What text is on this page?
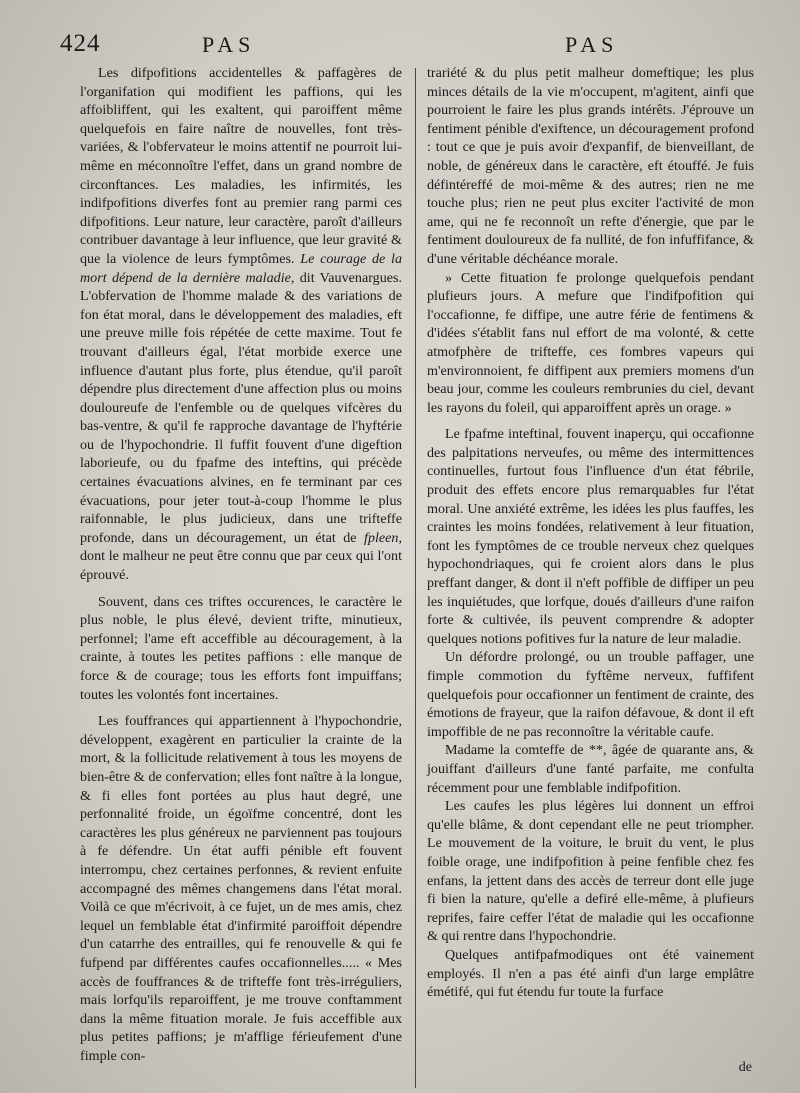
424	PAS	PAS

Les difpofitions accidentelles & paffagères de l'organifation qui modifient les paffions, qui les affoibliffent, qui les exaltent, qui paroiffent même quelquefois en faire naître de nouvelles, font très-variées, & l'obfervateur le moins attentif ne pourroit lui-même en méconnoître l'effet, dans un grand nombre de circonftances. Les maladies, les infirmités, les indifpofitions diverfes font au premier rang parmi ces difpofitions. Leur nature, leur caractère, paroît d'ailleurs contribuer davantage à leur influence, que leur gravité & que la violence de leurs fymptômes. Le courage de la mort dépend de la dernière maladie, dit Vauvenargues. L'obfervation de l'homme malade & des variations de fon état moral, dans le développement des maladies, eft une preuve mille fois répétée de cette maxime. Tout fe trouvant d'ailleurs égal, l'état morbide exerce une influence d'autant plus forte, plus étendue, qu'il paroît dépendre plus directement d'une affection plus ou moins douloureufe de l'enfemble ou de quelques vifcères du bas-ventre, & qu'il fe rapproche davantage de l'hyftérie ou de l'hypochondrie. Il fuffit fouvent d'une digeftion laborieufe, ou du fpafme des inteftins, qui précède certaines évacuations alvines, en fe terminant par ces évacuations, pour jeter tout-à-coup l'homme le plus raifonnable, le plus judicieux, dans une trifteffe profonde, dans un découragement, un état de fpleen, dont le malheur ne peut être connu que par ceux qui l'ont éprouvé.

Souvent, dans ces triftes occurences, le caractère le plus noble, le plus élevé, devient trifte, minutieux, perfonnel; l'ame eft acceffible au découragement, à la crainte, à toutes les petites paffions : elle manque de force & de courage; tous les efforts font impuiffans; toutes les volontés font incertaines.

Les fouffrances qui appartiennent à l'hypochondrie, développent, exagèrent en particulier la crainte de la mort, & la follicitude relativement à tous les moyens de bien-être & de confervation; elles font naître à la longue, & fi elles font portées au plus haut degré, une perfonnalité froide, un égoïfme concentré, dont les caractères les plus généreux ne parviennent pas toujours à fe défendre. Un état auffi pénible eft fouvent interrompu, chez certaines perfonnes, & revient enfuite accompagné des mêmes changemens dans l'état moral. Voilà ce que m'écrivoit, à ce fujet, un de mes amis, chez lequel un femblable état d'infirmité paroiffoit dépendre d'un catarrhe des entrailles, qui fe renouvelle & qui fe fufpend par différentes caufes occafionnelles..... « Mes accès de fouffrances & de trifteffe font très-irréguliers, mais lorfqu'ils reparoiffent, je me trouve conftamment dans la même fituation morale. Je fuis acceffible aux plus petites paffions; je m'afflige férieufement d'une fimple con-

trariété & du plus petit malheur domeftique; les plus minces détails de la vie m'occupent, m'agitent, ainfi que pourroient le faire les plus grands intérêts. J'éprouve un fentiment pénible d'exiftence, un découragement profond : tout ce que je puis avoir d'expanfif, de bienveillant, de noble, de généreux dans le caractère, eft étouffé. Je fuis défintéreffé de moi-même & des autres; rien ne me touche plus; rien ne peut plus exciter l'activité de mon ame, qui ne fe reconnoît un refte d'énergie, que par le fentiment douloureux de fa nullité, de fon infuffifance, & d'une véritable déchéance morale.

» Cette fituation fe prolonge quelquefois pendant plufieurs jours. A mefure que l'indifpofition qui l'occafionne, fe diffipe, une autre férie de fentimens & d'idées s'établit fans nul effort de ma volonté, & cette atmofphère de trifteffe, ces fombres vapeurs qui m'environnoient, fe diffipent aux premiers momens d'un beau jour, comme les couleurs rembrunies du ciel, devant les rayons du foleil, qui apparoiffent après un orage. »

Le fpafme inteftinal, fouvent inaperçu, qui occafionne des palpitations nerveufes, ou même des intermittences continuelles, furtout fous l'influence d'un état fébrile, produit des effets encore plus remarquables fur l'état moral. Une anxiété extrême, les idées les plus fauffes, les craintes les moins fondées, relativement à leur fituation, font les fymptômes de ce trouble nerveux chez quelques hypochondriaques, qui fe croient alors dans le plus preffant danger, & dont il n'eft poffible de diffiper un peu les inquiétudes, que lorfque, doués d'ailleurs d'une raifon forte & cultivée, ils peuvent comprendre & adopter quelques notions pofitives fur la nature de leur maladie.

Un défordre prolongé, ou un trouble paffager, une fimple commotion du fyftême nerveux, fuffifent quelquefois pour occafionner un fentiment de crainte, des émotions de frayeur, que la raifon défavoue, & dont il eft impoffible de ne pas reconnoître la véritable caufe.

Madame la comteffe de **, âgée de quarante ans, & jouiffant d'ailleurs d'une fanté parfaite, me confulta récemment pour une femblable indifpofition.

Les caufes les plus légères lui donnent un effroi qu'elle blâme, & dont cependant elle ne peut triompher. Le mouvement de la voiture, le bruit du vent, le plus foible orage, une indifpofition à peine fenfible chez fes enfans, la jettent dans des accès de terreur dont elle juge fi bien la nature, qu'elle a defiré elle-même, à plufieurs reprifes, faire ceffer l'état de maladie qui les occafionne & qui rentre dans l'hypochondrie.

Quelques antifpafmodiques ont été vainement employés. Il n'en a pas été ainfi d'un large emplâtre émétifé, qui fut étendu fur toute la furface

de
